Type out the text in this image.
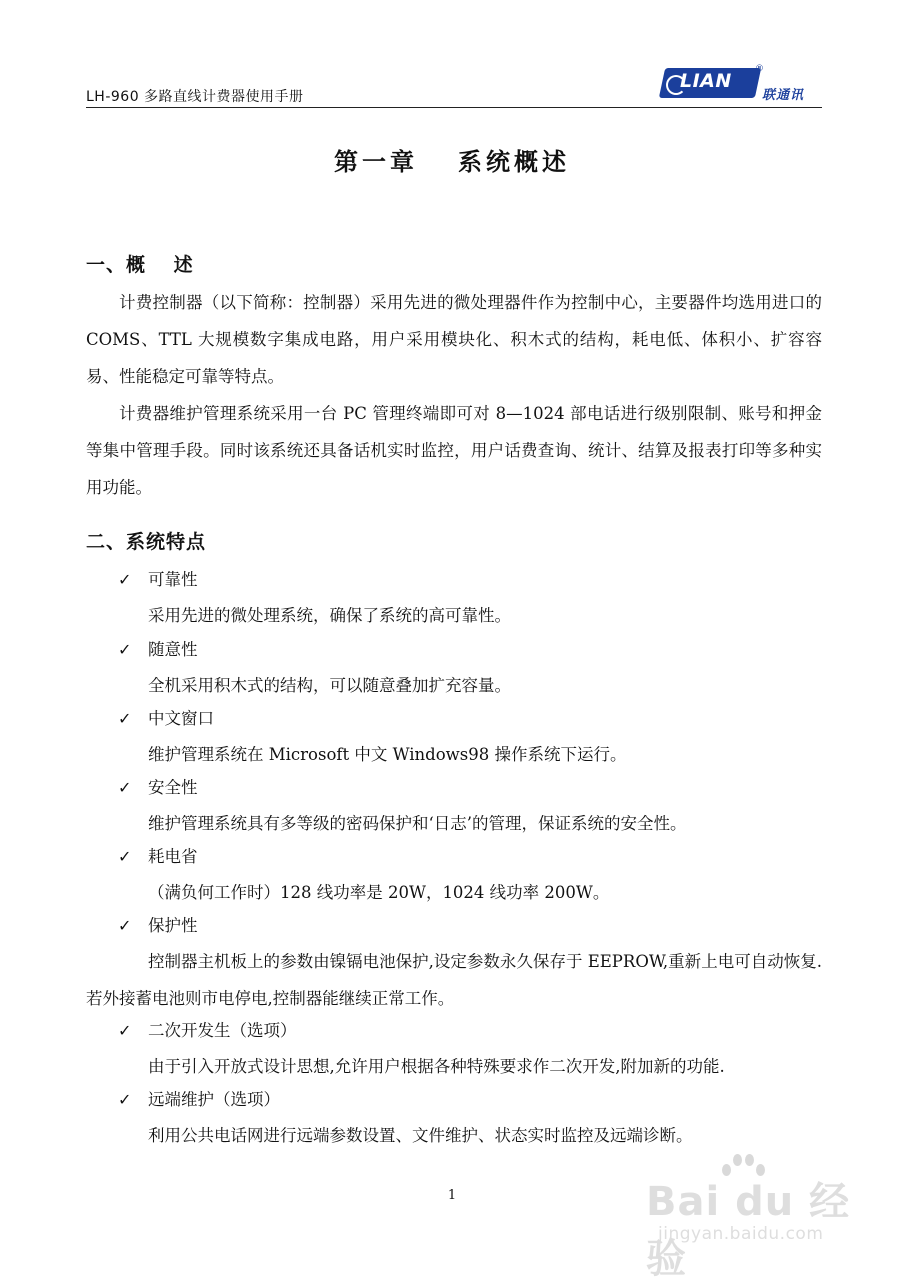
LH-960 多路直线计费器使用手册
LIAN
®
联通讯
第一章 系统概述
一、概　 述
计费控制器（以下简称：控制器）采用先进的微处理器件作为控制中心，主要器件均选用进口的 COMS、TTL 大规模数字集成电路，用户采用模块化、积木式的结构，耗电低、体积小、扩容容易、性能稳定可靠等特点。
计费器维护管理系统采用一台 PC 管理终端即可对 8—1024 部电话进行级别限制、账号和押金等集中管理手段。同时该系统还具备话机实时监控，用户话费查询、统计、结算及报表打印等多种实用功能。
二、系统特点
✓ 可靠性
采用先进的微处理系统，确保了系统的高可靠性。
✓ 随意性
全机采用积木式的结构，可以随意叠加扩充容量。
✓ 中文窗口
维护管理系统在 Microsoft 中文 Windows98 操作系统下运行。
✓ 安全性
维护管理系统具有多等级的密码保护和‘日志’的管理，保证系统的安全性。
✓ 耗电省
（满负何工作时）128 线功率是 20W，1024 线功率 200W。
✓ 保护性
控制器主机板上的参数由镍镉电池保护,设定参数永久保存于 EEPROW,重新上电可自动恢复.若外接蓄电池则市电停电,控制器能继续正常工作。
✓ 二次开发生（选项）
由于引入开放式设计思想,允许用户根据各种特殊要求作二次开发,附加新的功能.
✓ 远端维护（选项）
利用公共电话网进行远端参数设置、文件维护、状态实时监控及远端诊断。
1	Bai du 经验
jingyan.baidu.com
